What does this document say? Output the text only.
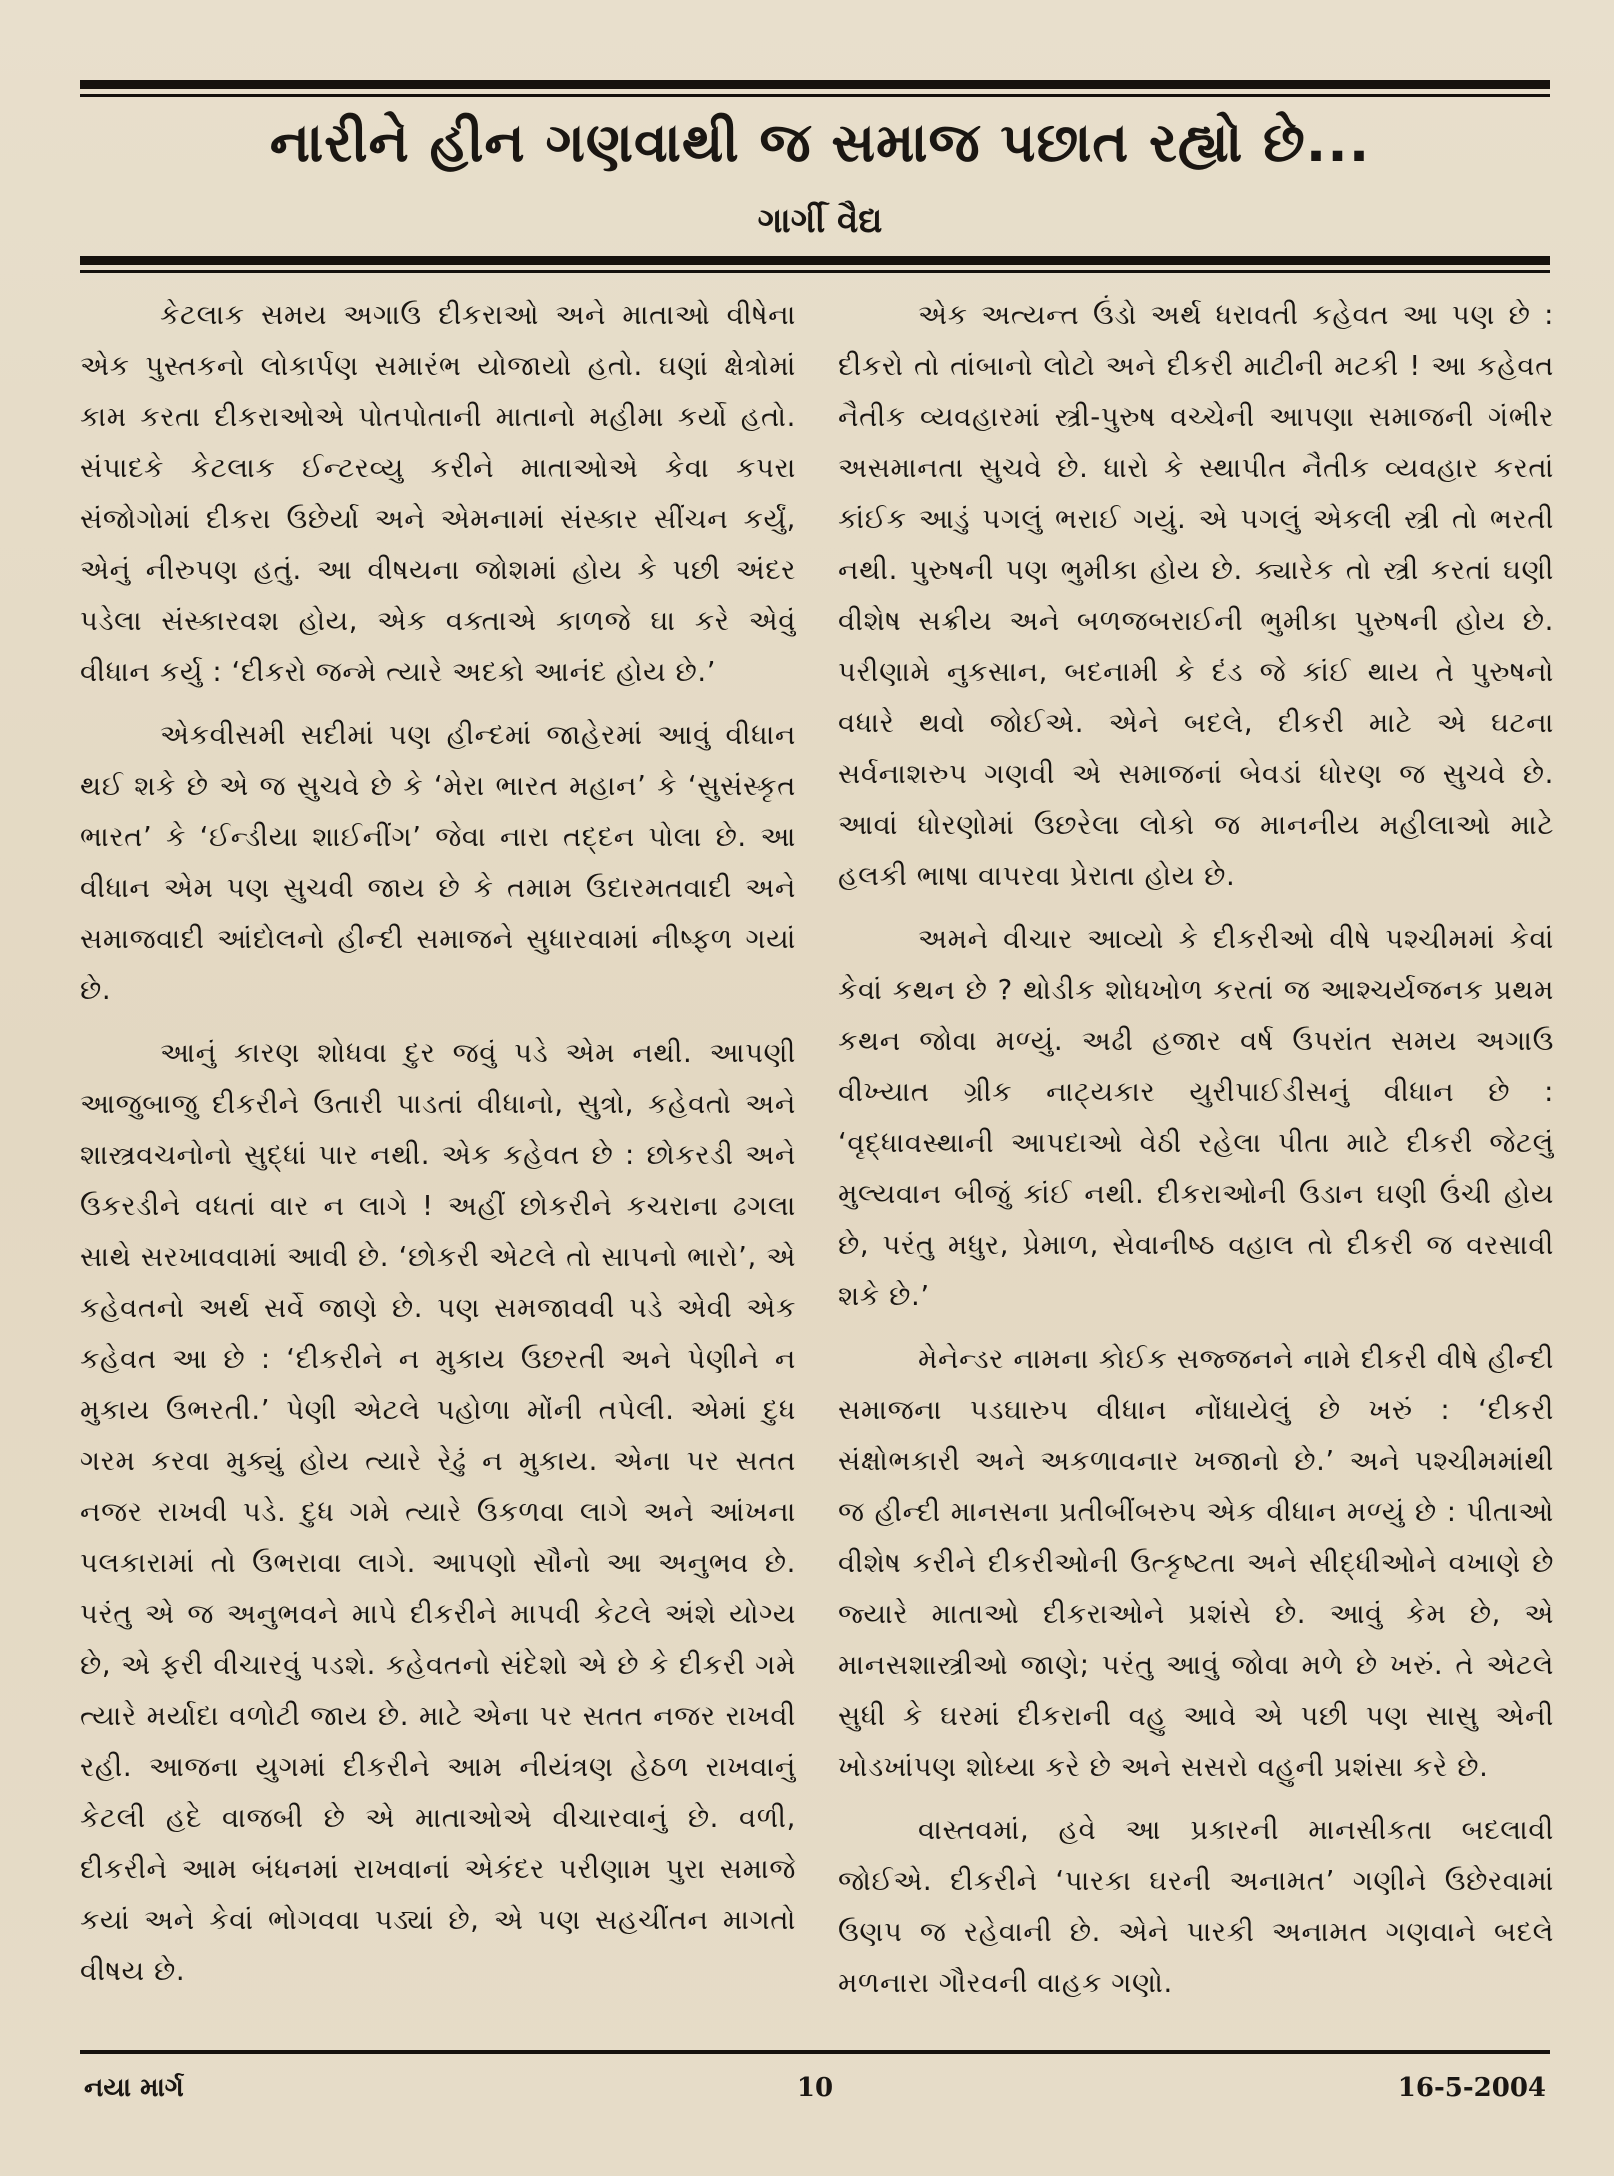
નારીને હીન ગણવાથી જ સમાજ પછાત રહ્યો છે...
ગાર્ગી વૈદ્ય

કેટલાક સમય અગાઉ દીકરાઓ અને માતાઓ વીષેના એક પુસ્તકનો લોકાર્પણ સમારંભ યોજાયો હતો. ઘણાં ક્ષેત્રોમાં કામ કરતા દીકરાઓએ પોતપોતાની માતાનો મહીમા કર્યો હતો. સંપાદકે કેટલાક ઈન્ટરવ્યુ કરીને માતાઓએ કેવા કપરા સંજોગોમાં દીકરા ઉછેર્યા અને એમનામાં સંસ્કાર સીંચન કર્યું, એનું નીરુપણ હતું. આ વીષયના જોશમાં હોય કે પછી અંદર પડેલા સંસ્કારવશ હોય, એક વક્તાએ કાળજે ઘા કરે એવું વીધાન કર્યુ : ‘દીકરો જન્મે ત્યારે અદકો આનંદ હોય છે.’

એકવીસમી સદીમાં પણ હીન્દમાં જાહેરમાં આવું વીધાન થઈ શકે છે એ જ સુચવે છે કે ‘મેરા ભારત મહાન’ કે ‘સુસંસ્કૃત ભારત’ કે ‘ઈન્ડીયા શાઈનીંગ’ જેવા નારા તદ્દન પોલા છે. આ વીધાન એમ પણ સુચવી જાય છે કે તમામ ઉદારમતવાદી અને સમાજવાદી આંદોલનો હીન્દી સમાજને સુધારવામાં નીષ્ફળ ગયાં છે.

આનું કારણ શોધવા દુર જવું પડે એમ નથી. આપણી આજુબાજુ દીકરીને ઉતારી પાડતાં વીધાનો, સુત્રો, કહેવતો અને શાસ્ત્રવચનોનો સુદ્ધાં પાર નથી. એક કહેવત છે : છોકરડી અને ઉકરડીને વધતાં વાર ન લાગે ! અહીં છોકરીને કચરાના ઢગલા સાથે સરખાવવામાં આવી છે. ‘છોકરી એટલે તો સાપનો ભારો’, એ કહેવતનો અર્થ સર્વે જાણે છે. પણ સમજાવવી પડે એવી એક કહેવત આ છે : ‘દીકરીને ન મુકાય ઉછરતી અને પેણીને ન મુકાય ઉભરતી.’ પેણી એટલે પહોળા મોંની તપેલી. એમાં દુધ ગરમ કરવા મુક્યું હોય ત્યારે રેઢું ન મુકાય. એના પર સતત નજર રાખવી પડે. દુધ ગમે ત્યારે ઉકળવા લાગે અને આંખના પલકારામાં તો ઉભરાવા લાગે. આપણો સૌનો આ અનુભવ છે. પરંતુ એ જ અનુભવને માપે દીકરીને માપવી કેટલે અંશે યોગ્ય છે, એ ફરી વીચારવું પડશે. કહેવતનો સંદેશો એ છે કે દીકરી ગમે ત્યારે મર્યાદા વળોટી જાય છે. માટે એના પર સતત નજર રાખવી રહી. આજના યુગમાં દીકરીને આમ નીયંત્રણ હેઠળ રાખવાનું કેટલી હદે વાજબી છે એ માતાઓએ વીચારવાનું છે. વળી, દીકરીને આમ બંધનમાં રાખવાનાં એકંદર પરીણામ પુરા સમાજે કયાં અને કેવાં ભોગવવા પડ્યાં છે, એ પણ સહચીંતન માગતો વીષય છે.

એક અત્યન્ત ઉંડો અર્થ ધરાવતી કહેવત આ પણ છે : દીકરો તો તાંબાનો લોટો અને દીકરી માટીની મટકી ! આ કહેવત નૈતીક વ્યવહારમાં સ્ત્રી-પુરુષ વચ્ચેની આપણા સમાજની ગંભીર અસમાનતા સુચવે છે. ધારો કે સ્થાપીત નૈતીક વ્યવહાર કરતાં કાંઈક આડું પગલું ભરાઈ ગયું. એ પગલું એકલી સ્ત્રી તો ભરતી નથી. પુરુષની પણ ભુમીકા હોય છે. ક્યારેક તો સ્ત્રી કરતાં ઘણી વીશેષ સક્રીય અને બળજબરાઈની ભુમીકા પુરુષની હોય છે. પરીણામે નુકસાન, બદનામી કે દંડ જે કાંઈ થાય તે પુરુષનો વધારે થવો જોઈએ. એને બદલે, દીકરી માટે એ ઘટના સર્વનાશરુપ ગણવી એ સમાજનાં બેવડાં ધોરણ જ સુચવે છે. આવાં ધોરણોમાં ઉછરેલા લોકો જ માનનીય મહીલાઓ માટે હલકી ભાષા વાપરવા પ્રેરાતા હોય છે.

અમને વીચાર આવ્યો કે દીકરીઓ વીષે પશ્ચીમમાં કેવાં કેવાં કથન છે ? થોડીક શોધખોળ કરતાં જ આશ્ચર્યજનક પ્રથમ કથન જોવા મળ્યું. અઢી હજાર વર્ષ ઉપરાંત સમય અગાઉ વીખ્યાત ગ્રીક નાટ્યકાર યુરીપાઈડીસનું વીધાન છે : ‘વૃદ્ધાવસ્થાની આપદાઓ વેઠી રહેલા પીતા માટે દીકરી જેટલું મુલ્યવાન બીજું કાંઈ નથી. દીકરાઓની ઉડાન ઘણી ઉંચી હોય છે, પરંતુ મધુર, પ્રેમાળ, સેવાનીષ્ઠ વહાલ તો દીકરી જ વરસાવી શકે છે.’

મેનેન્ડર નામના કોઈક સજ્જનને નામે દીકરી વીષે હીન્દી સમાજના પડઘારુપ વીધાન નોંધાયેલું છે ખરું : ‘દીકરી સંક્ષોભકારી અને અકળાવનાર ખજાનો છે.’ અને પશ્ચીમમાંથી જ હીન્દી માનસના પ્રતીબીંબરુપ એક વીધાન મળ્યું છે : પીતાઓ વીશેષ કરીને દીકરીઓની ઉત્કૃષ્ટતા અને સીદ્ધીઓને વખાણે છે જ્યારે માતાઓ દીકરાઓને પ્રશંસે છે. આવું કેમ છે, એ માનસશાસ્ત્રીઓ જાણે; પરંતુ આવું જોવા મળે છે ખરું. તે એટલે સુધી કે ઘરમાં દીકરાની વહુ આવે એ પછી પણ સાસુ એની ખોડખાંપણ શોધ્યા કરે છે અને સસરો વહુની પ્રશંસા કરે છે.

વાસ્તવમાં, હવે આ પ્રકારની માનસીકતા બદલાવી જોઈએ. દીકરીને ‘પારકા ઘરની અનામત’ ગણીને ઉછેરવામાં ઉણપ જ રહેવાની છે. એને પારકી અનામત ગણવાને બદલે મળનારા ગૌરવની વાહક ગણો.

નયા માર્ગ	10	16-5-2004
